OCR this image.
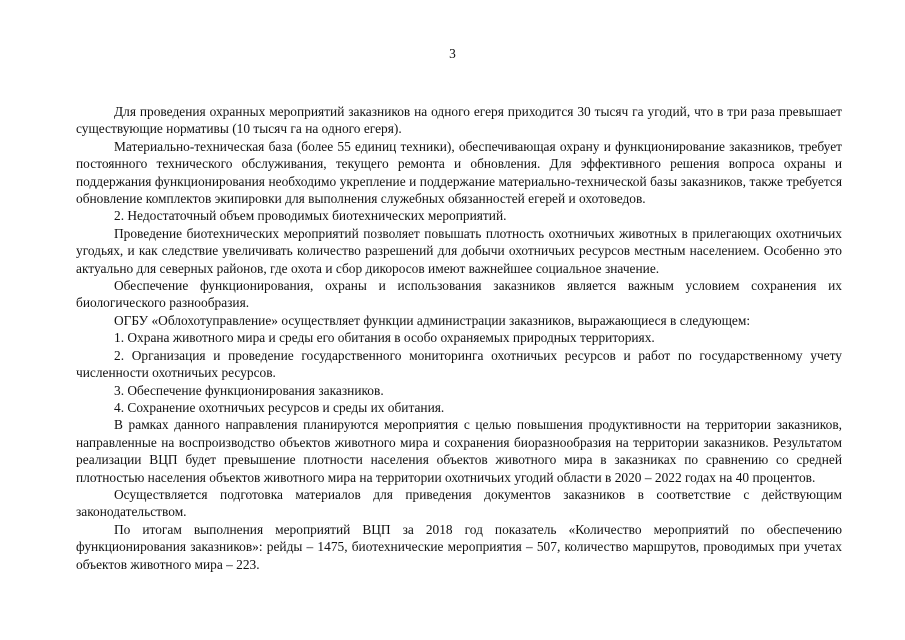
3

Для проведения охранных мероприятий заказников на одного егеря приходится 30 тысяч га угодий, что в три раза превышает существующие нормативы (10 тысяч га на одного егеря).

Материально-техническая база (более 55 единиц техники), обеспечивающая охрану и функционирование заказников, требует постоянного технического обслуживания, текущего ремонта и обновления. Для эффективного решения вопроса охраны и поддержания функционирования необходимо укрепление и поддержание материально-технической базы заказников, также требуется обновление комплектов экипировки для выполнения служебных обязанностей егерей и охотоведов.

2. Недостаточный объем проводимых биотехнических мероприятий.

Проведение биотехнических мероприятий позволяет повышать плотность охотничьих животных в прилегающих охотничьих угодьях, и как следствие увеличивать количество разрешений для добычи охотничьих ресурсов местным населением. Особенно это актуально для северных районов, где охота и сбор дикоросов имеют важнейшее социальное значение.

Обеспечение функционирования, охраны и использования заказников является важным условием сохранения их биологического разнообразия.

ОГБУ «Облохотуправление» осуществляет функции администрации заказников, выражающиеся в следующем:

1. Охрана животного мира и среды его обитания в особо охраняемых природных территориях.

2. Организация и проведение государственного мониторинга охотничьих ресурсов и работ по государственному учету численности охотничьих ресурсов.

3. Обеспечение функционирования заказников.

4. Сохранение охотничьих ресурсов и среды их обитания.

В рамках данного направления планируются мероприятия с целью повышения продуктивности на территории заказников, направленные на воспроизводство объектов животного мира и сохранения биоразнообразия на территории заказников. Результатом реализации ВЦП будет превышение плотности населения объектов животного мира в заказниках по сравнению со средней плотностью населения объектов животного мира на территории охотничьих угодий области в 2020 – 2022 годах на 40 процентов.

Осуществляется подготовка материалов для приведения документов заказников в соответствие с действующим законодательством.

По итогам выполнения мероприятий ВЦП за 2018 год показатель «Количество мероприятий по обеспечению функционирования заказников»: рейды – 1475, биотехнические мероприятия – 507, количество маршрутов, проводимых при учетах объектов животного мира – 223.
